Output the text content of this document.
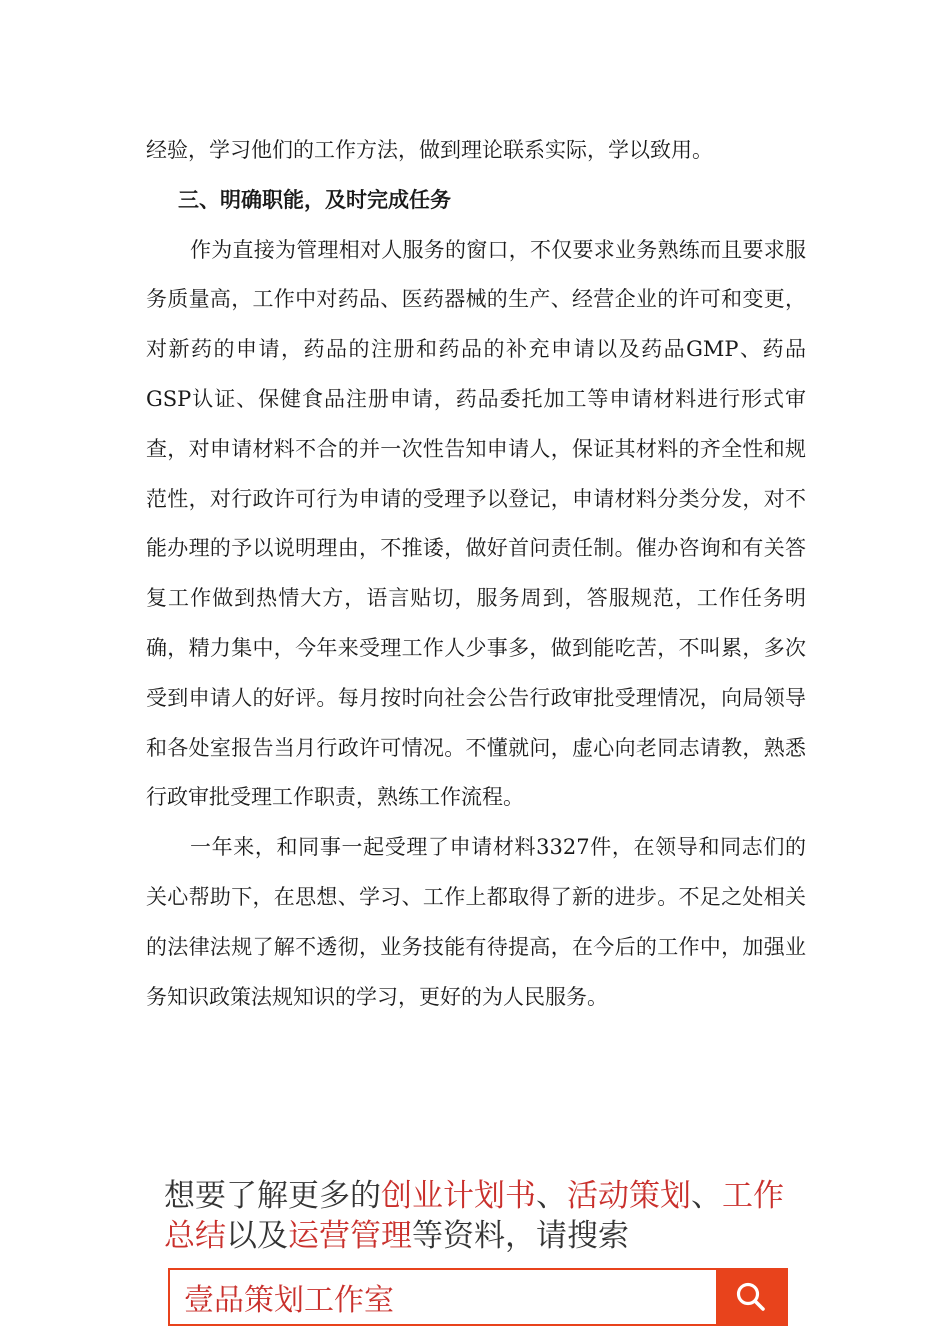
经验，学习他们的工作方法，做到理论联系实际，学以致用。

三、明确职能，及时完成任务

作为直接为管理相对人服务的窗口，不仅要求业务熟练而且要求服务质量高，工作中对药品、医药器械的生产、经营企业的许可和变更，对新药的申请，药品的注册和药品的补充申请以及药品GMP、药品GSP认证、保健食品注册申请，药品委托加工等申请材料进行形式审查，对申请材料不合的并一次性告知申请人，保证其材料的齐全性和规范性，对行政许可行为申请的受理予以登记，申请材料分类分发，对不能办理的予以说明理由，不推诿，做好首问责任制。催办咨询和有关答复工作做到热情大方，语言贴切，服务周到，答服规范，工作任务明确，精力集中，今年来受理工作人少事多，做到能吃苦，不叫累，多次受到申请人的好评。每月按时向社会公告行政审批受理情况，向局领导和各处室报告当月行政许可情况。不懂就问，虚心向老同志请教，熟悉行政审批受理工作职责，熟练工作流程。

一年来，和同事一起受理了申请材料3327件，在领导和同志们的关心帮助下，在思想、学习、工作上都取得了新的进步。不足之处相关的法律法规了解不透彻，业务技能有待提高，在今后的工作中，加强业务知识政策法规知识的学习，更好的为人民服务。

想要了解更多的创业计划书、活动策划、工作总结以及运营管理等资料，请搜索
壹品策划工作室
